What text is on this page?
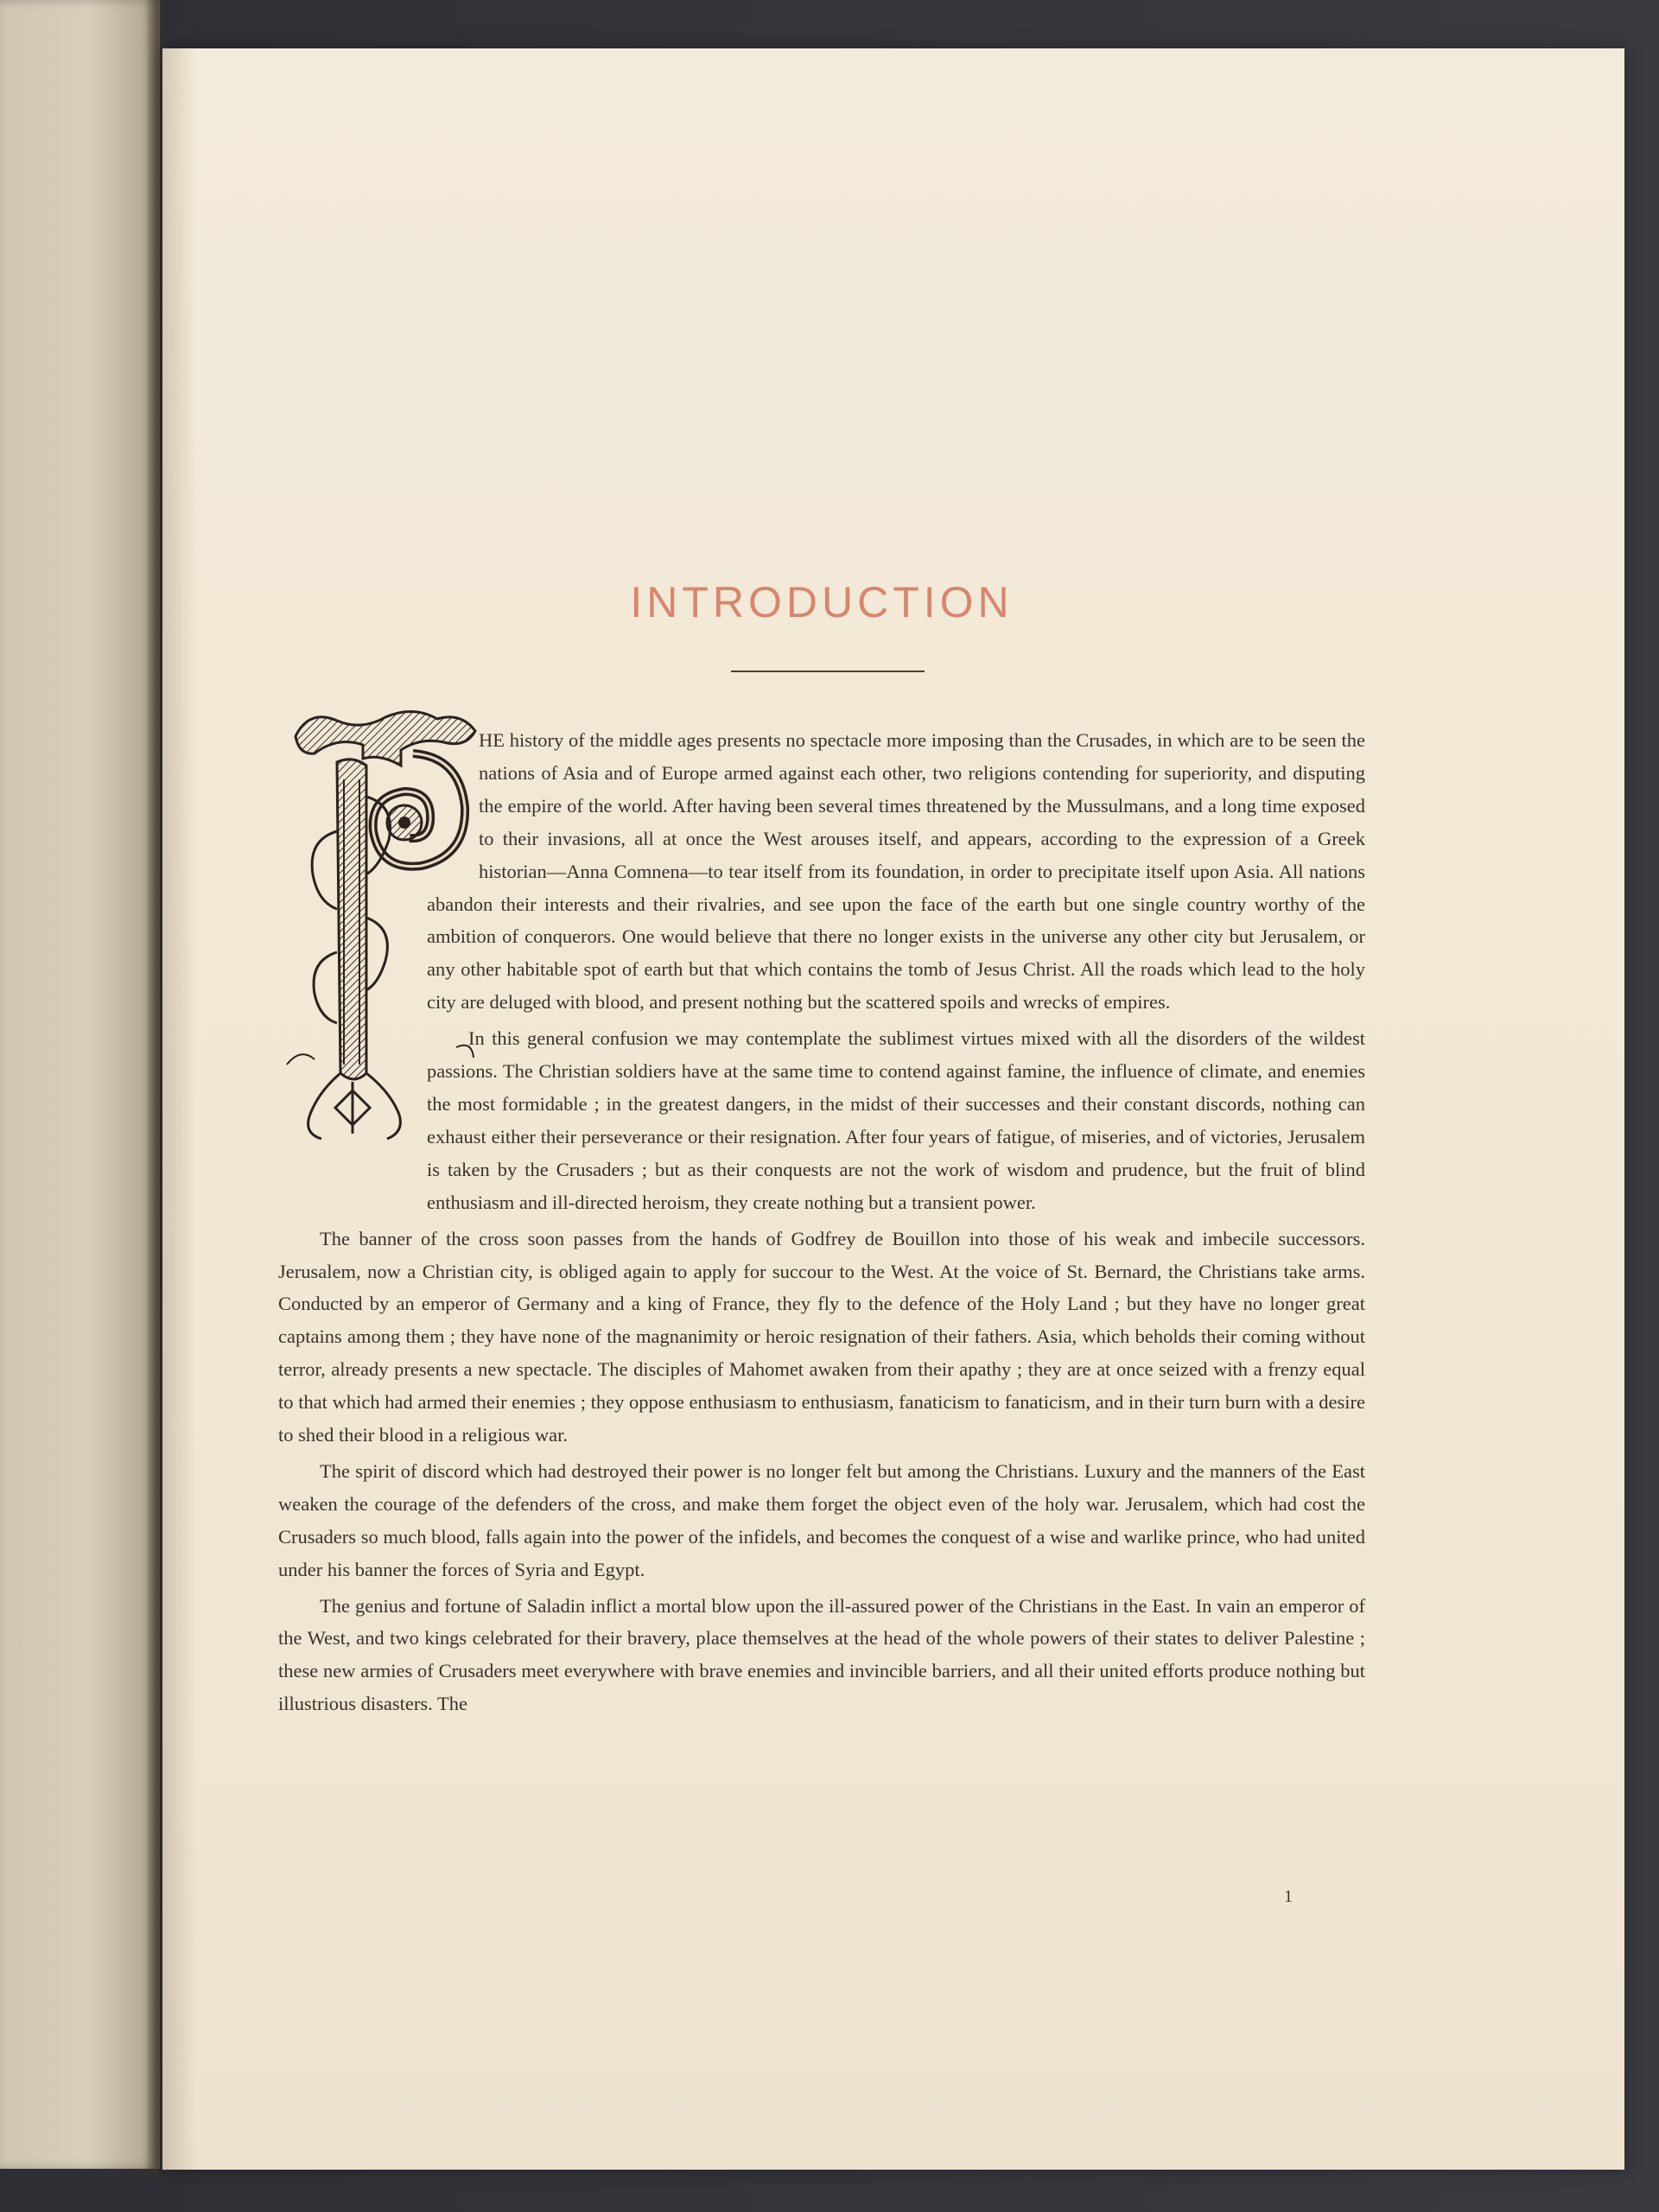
INTRODUCTION

HE history of the middle ages presents no spectacle more imposing than the Crusades, in which are to be seen the nations of Asia and of Europe armed against each other, two religions contending for superiority, and disputing the empire of the world. After having been several times threatened by the Mussulmans, and a long time exposed to their invasions, all at once the West arouses itself, and appears, according to the expression of a Greek historian—Anna Comnena—to tear itself from its foundation, in order to precipitate itself upon Asia. All nations abandon their interests and their rivalries, and see upon the face of the earth but one single country worthy of the ambition of conquerors. One would believe that there no longer exists in the universe any other city but Jerusalem, or any other habitable spot of earth but that which contains the tomb of Jesus Christ. All the roads which lead to the holy city are deluged with blood, and present nothing but the scattered spoils and wrecks of empires.

In this general confusion we may contemplate the sublimest virtues mixed with all the disorders of the wildest passions. The Christian soldiers have at the same time to contend against famine, the influence of climate, and enemies the most formidable ; in the greatest dangers, in the midst of their successes and their constant discords, nothing can exhaust either their perseverance or their resignation. After four years of fatigue, of miseries, and of victories, Jerusalem is taken by the Crusaders ; but as their conquests are not the work of wisdom and prudence, but the fruit of blind enthusiasm and ill-directed heroism, they create nothing but a transient power.

The banner of the cross soon passes from the hands of Godfrey de Bouillon into those of his weak and imbecile successors. Jerusalem, now a Christian city, is obliged again to apply for succour to the West. At the voice of St. Bernard, the Christians take arms. Conducted by an emperor of Germany and a king of France, they fly to the defence of the Holy Land ; but they have no longer great captains among them ; they have none of the magnanimity or heroic resignation of their fathers. Asia, which beholds their coming without terror, already presents a new spectacle. The disciples of Mahomet awaken from their apathy ; they are at once seized with a frenzy equal to that which had armed their enemies ; they oppose enthusiasm to enthusiasm, fanaticism to fanaticism, and in their turn burn with a desire to shed their blood in a religious war.

The spirit of discord which had destroyed their power is no longer felt but among the Christians. Luxury and the manners of the East weaken the courage of the defenders of the cross, and make them forget the object even of the holy war. Jerusalem, which had cost the Crusaders so much blood, falls again into the power of the infidels, and becomes the conquest of a wise and warlike prince, who had united under his banner the forces of Syria and Egypt.

The genius and fortune of Saladin inflict a mortal blow upon the ill-assured power of the Christians in the East. In vain an emperor of the West, and two kings celebrated for their bravery, place themselves at the head of the whole powers of their states to deliver Palestine ; these new armies of Crusaders meet everywhere with brave enemies and invincible barriers, and all their united efforts produce nothing but illustrious disasters. The

1
